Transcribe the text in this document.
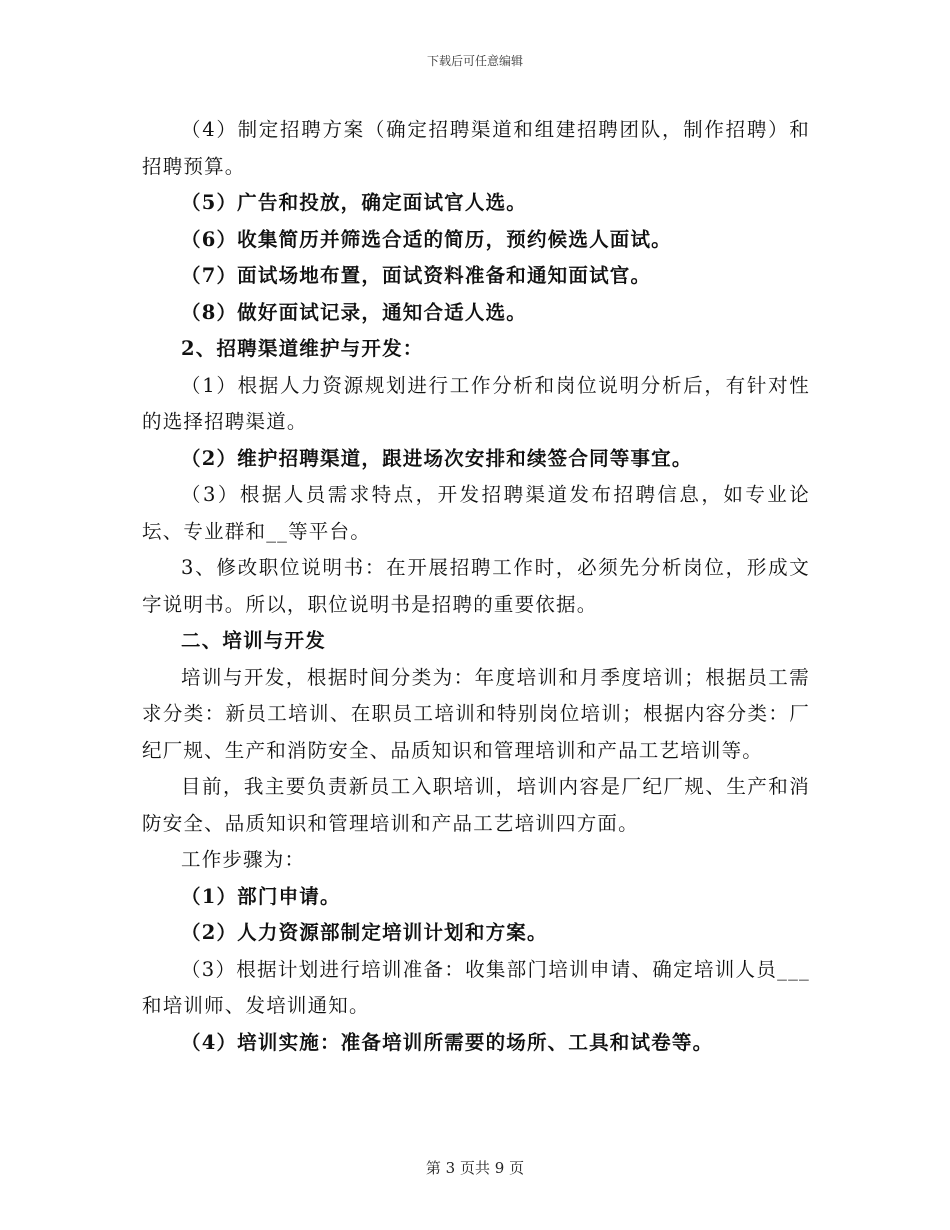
下载后可任意编辑

（4）制定招聘方案（确定招聘渠道和组建招聘团队，制作招聘）和招聘预算。

（5）广告和投放，确定面试官人选。

（6）收集简历并筛选合适的简历，预约候选人面试。

（7）面试场地布置，面试资料准备和通知面试官。

（8）做好面试记录，通知合适人选。

2、招聘渠道维护与开发：

（1）根据人力资源规划进行工作分析和岗位说明分析后，有针对性的选择招聘渠道。

（2）维护招聘渠道，跟进场次安排和续签合同等事宜。

（3）根据人员需求特点，开发招聘渠道发布招聘信息，如专业论坛、专业群和__等平台。

3、修改职位说明书：在开展招聘工作时，必须先分析岗位，形成文字说明书。所以，职位说明书是招聘的重要依据。

二、培训与开发

培训与开发，根据时间分类为：年度培训和月季度培训；根据员工需求分类：新员工培训、在职员工培训和特别岗位培训；根据内容分类：厂纪厂规、生产和消防安全、品质知识和管理培训和产品工艺培训等。

目前，我主要负责新员工入职培训，培训内容是厂纪厂规、生产和消防安全、品质知识和管理培训和产品工艺培训四方面。

工作步骤为：

（1）部门申请。

（2）人力资源部制定培训计划和方案。

（3）根据计划进行培训准备：收集部门培训申请、确定培训人员___和培训师、发培训通知。

（4）培训实施：准备培训所需要的场所、工具和试卷等。

第 3 页共 9 页
